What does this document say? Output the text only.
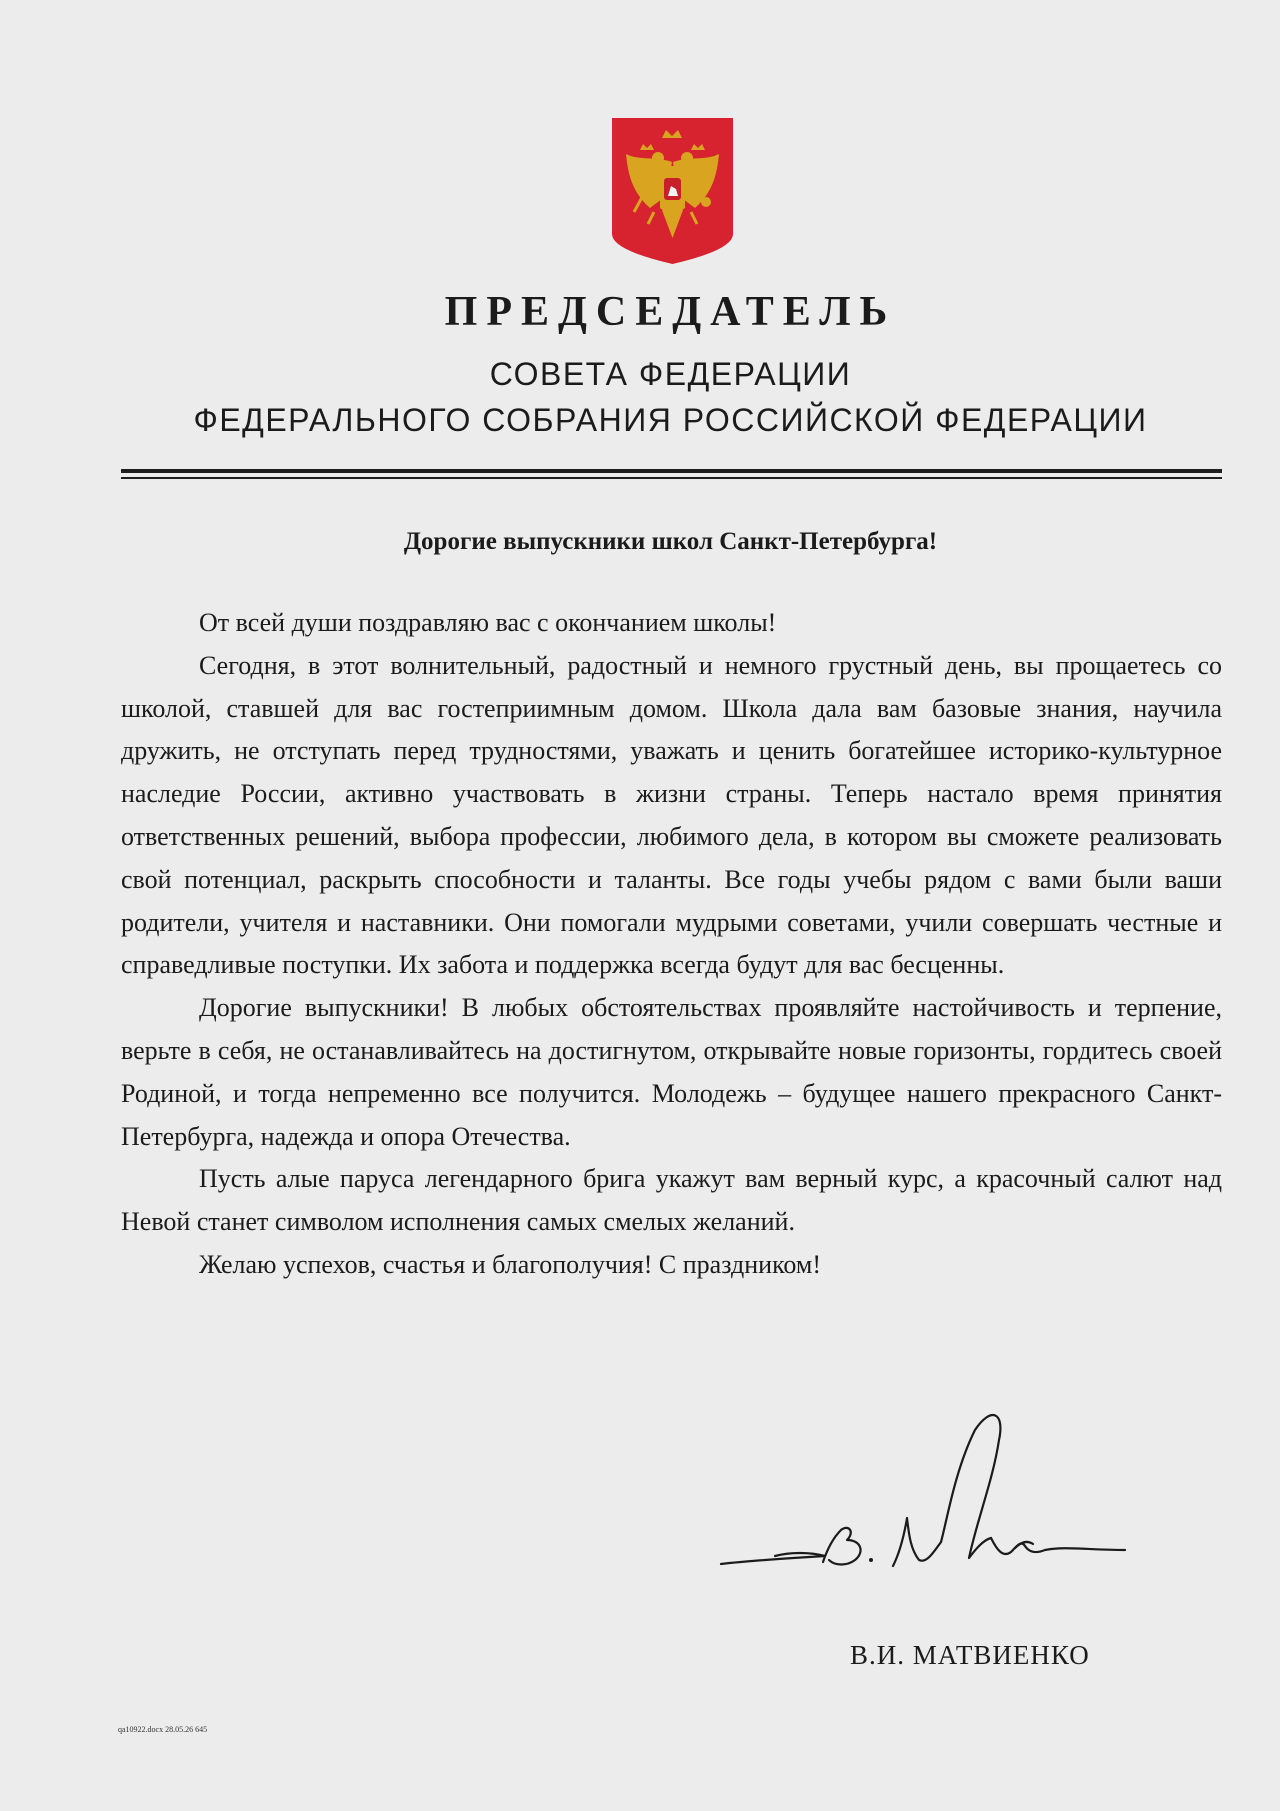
ПРЕДСЕДАТЕЛЬ
СОВЕТА ФЕДЕРАЦИИ
ФЕДЕРАЛЬНОГО СОБРАНИЯ РОССИЙСКОЙ ФЕДЕРАЦИИ
Дорогие выпускники школ Санкт-Петербурга!

От всей души поздравляю вас с окончанием школы!

Сегодня, в этот волнительный, радостный и немного грустный день, вы прощаетесь со школой, ставшей для вас гостеприимным домом. Школа дала вам базовые знания, научила дружить, не отступать перед трудностями, уважать и ценить богатейшее историко-культурное наследие России, активно участвовать в жизни страны. Теперь настало время принятия ответственных решений, выбора профессии, любимого дела, в котором вы сможете реализовать свой потенциал, раскрыть способности и таланты. Все годы учебы рядом с вами были ваши родители, учителя и наставники. Они помогали мудрыми советами, учили совершать честные и справедливые поступки. Их забота и поддержка всегда будут для вас бесценны.

Дорогие выпускники! В любых обстоятельствах проявляйте настойчивость и терпение, верьте в себя, не останавливайтесь на достигнутом, открывайте новые горизонты, гордитесь своей Родиной, и тогда непременно все получится. Молодежь – будущее нашего прекрасного Санкт-Петербурга, надежда и опора Отечества.

Пусть алые паруса легендарного брига укажут вам верный курс, а красочный салют над Невой станет символом исполнения самых смелых желаний.

Желаю успехов, счастья и благополучия! С праздником!

В.И. МАТВИЕНКО
qa10922.docx 28.05.26 645
